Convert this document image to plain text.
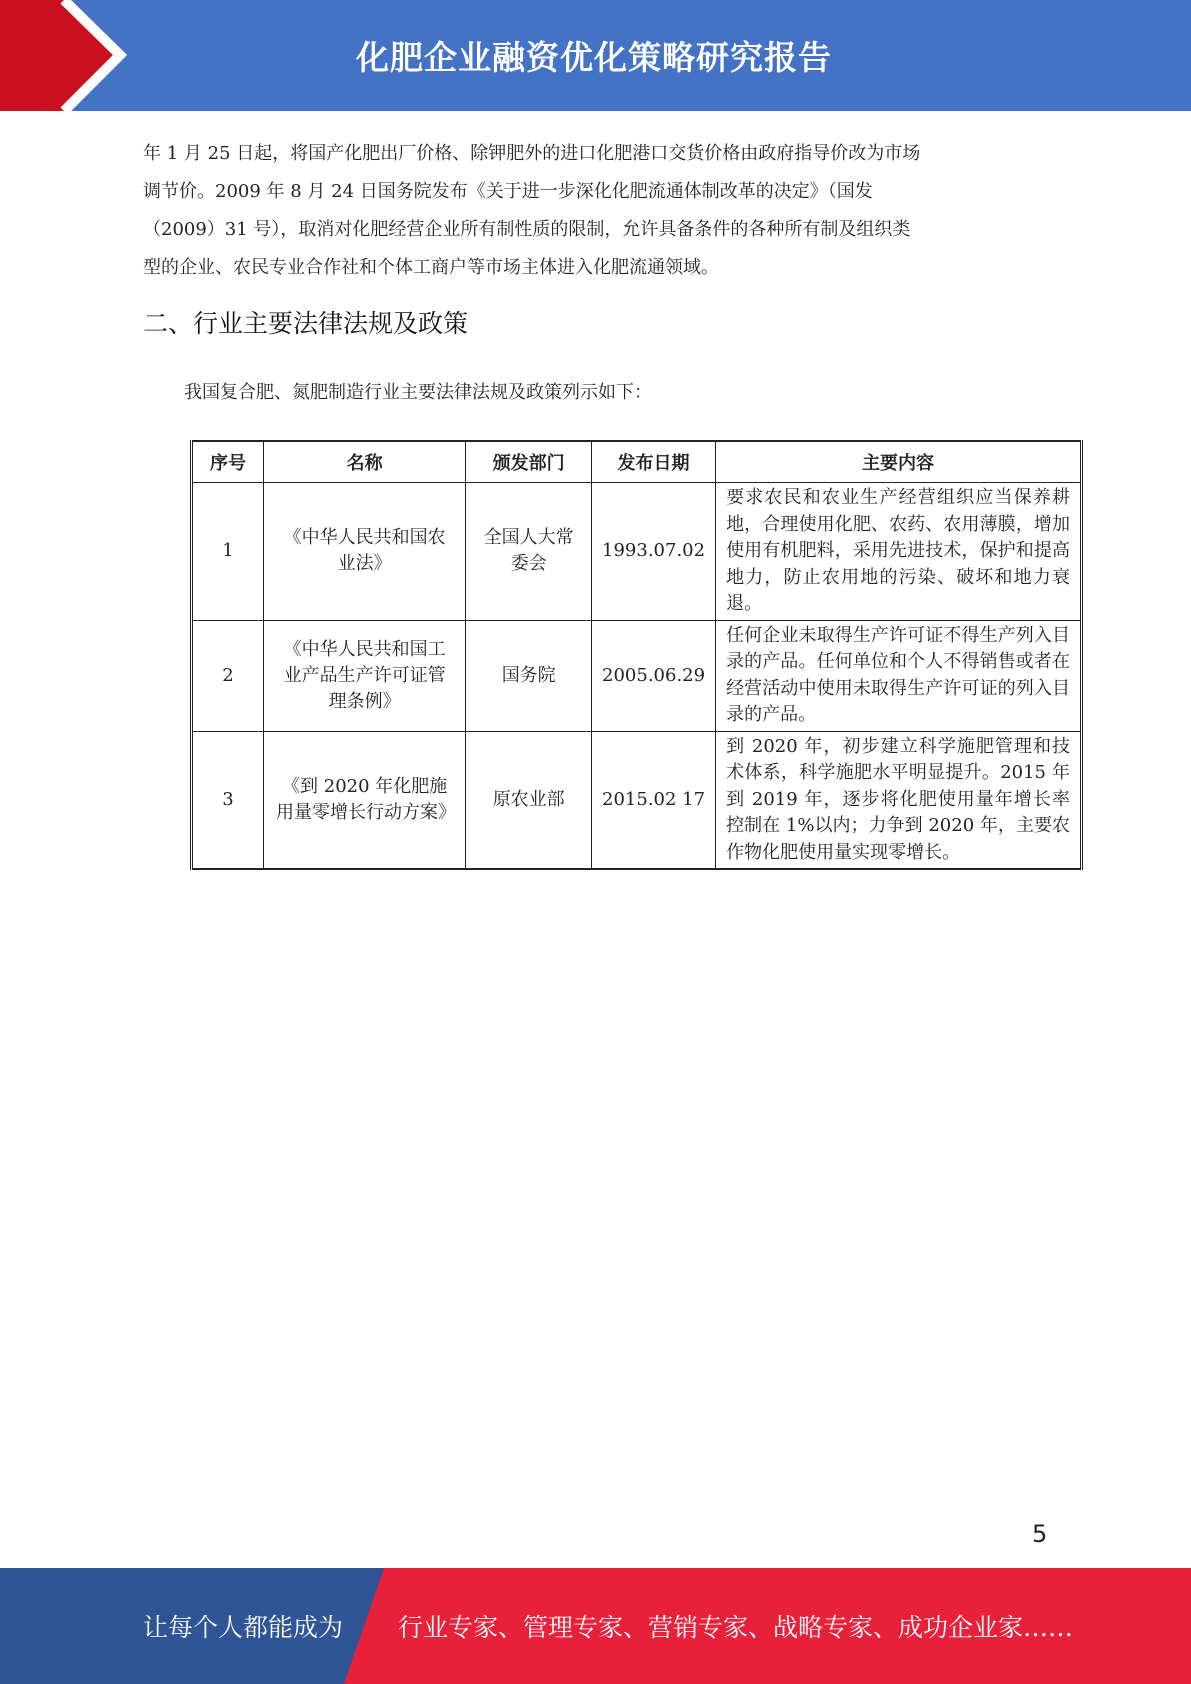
化肥企业融资优化策略研究报告

年 1 月 25 日起，将国产化肥出厂价格、除钾肥外的进口化肥港口交货价格由政府指导价改为市场

调节价。2009 年 8 月 24 日国务院发布《关于进一步深化化肥流通体制改革的决定》（国发

（2009）31 号），取消对化肥经营企业所有制性质的限制，允许具备条件的各种所有制及组织类

型的企业、农民专业合作社和个体工商户等市场主体进入化肥流通领域。

二、行业主要法律法规及政策
我国复合肥、氮肥制造行业主要法律法规及政策列示如下：
序号	名称	颁发部门	发布日期	主要内容
1	《中华人民共和国农业法》	全国人大常委会	1993.07.02	要求农民和农业生产经营组织应当保养耕地，合理使用化肥、农药、农用薄膜，增加使用有机肥料，采用先进技术，保护和提高地力，防止农用地的污染、破坏和地力衰退。
2	《中华人民共和国工业产品生产许可证管理条例》	国务院	2005.06.29	任何企业未取得生产许可证不得生产列入目录的产品。任何单位和个人不得销售或者在经营活动中使用未取得生产许可证的列入目录的产品。
3	《到 2020 年化肥施用量零增长行动方案》	原农业部	2015.02 17	到 2020 年，初步建立科学施肥管理和技术体系，科学施肥水平明显提升。2015 年到 2019 年，逐步将化肥使用量年增长率控制在 1%以内；力争到 2020 年，主要农作物化肥使用量实现零增长。
5
让每个人都能成为 行业专家、管理专家、营销专家、战略专家、成功企业家……
